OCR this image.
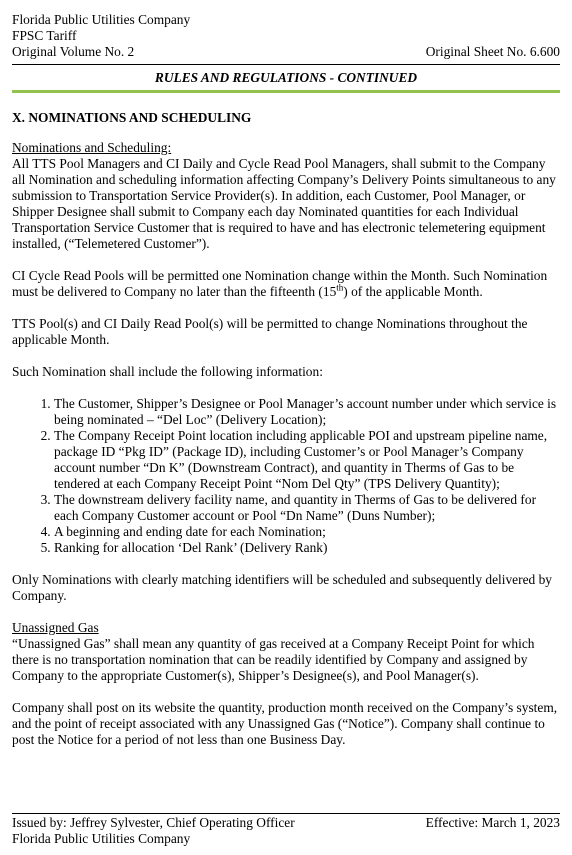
Florida Public Utilities Company
FPSC Tariff
Original Volume No. 2	Original Sheet No. 6.600
RULES AND REGULATIONS - CONTINUED
X. NOMINATIONS AND SCHEDULING
Nominations and Scheduling:

All TTS Pool Managers and CI Daily and Cycle Read Pool Managers, shall submit to the Company all Nomination and scheduling information affecting Company’s Delivery Points simultaneous to any submission to Transportation Service Provider(s). In addition, each Customer, Pool Manager, or Shipper Designee shall submit to Company each day Nominated quantities for each Individual Transportation Service Customer that is required to have and has electronic telemetering equipment installed, (“Telemetered Customer”).

CI Cycle Read Pools will be permitted one Nomination change within the Month. Such Nomination must be delivered to Company no later than the fifteenth (15th) of the applicable Month.

TTS Pool(s) and CI Daily Read Pool(s) will be permitted to change Nominations throughout the applicable Month.

Such Nomination shall include the following information:

1. The Customer, Shipper’s Designee or Pool Manager’s account number under which service is being nominated – “Del Loc” (Delivery Location);
2. The Company Receipt Point location including applicable POI and upstream pipeline name, package ID “Pkg ID” (Package ID), including Customer’s or Pool Manager’s Company account number “Dn K” (Downstream Contract), and quantity in Therms of Gas to be tendered at each Company Receipt Point “Nom Del Qty” (TPS Delivery Quantity);
3. The downstream delivery facility name, and quantity in Therms of Gas to be delivered for each Company Customer account or Pool “Dn Name” (Duns Number);
4. A beginning and ending date for each Nomination;
5. Ranking for allocation ‘Del Rank’ (Delivery Rank)

Only Nominations with clearly matching identifiers will be scheduled and subsequently delivered by Company.

Unassigned Gas

“Unassigned Gas” shall mean any quantity of gas received at a Company Receipt Point for which there is no transportation nomination that can be readily identified by Company and assigned by Company to the appropriate Customer(s), Shipper’s Designee(s), and Pool Manager(s).

Company shall post on its website the quantity, production month received on the Company’s system, and the point of receipt associated with any Unassigned Gas (“Notice”). Company shall continue to post the Notice for a period of not less than one Business Day.

Issued by: Jeffrey Sylvester, Chief Operating Officer	Effective: March 1, 2023
Florida Public Utilities Company
